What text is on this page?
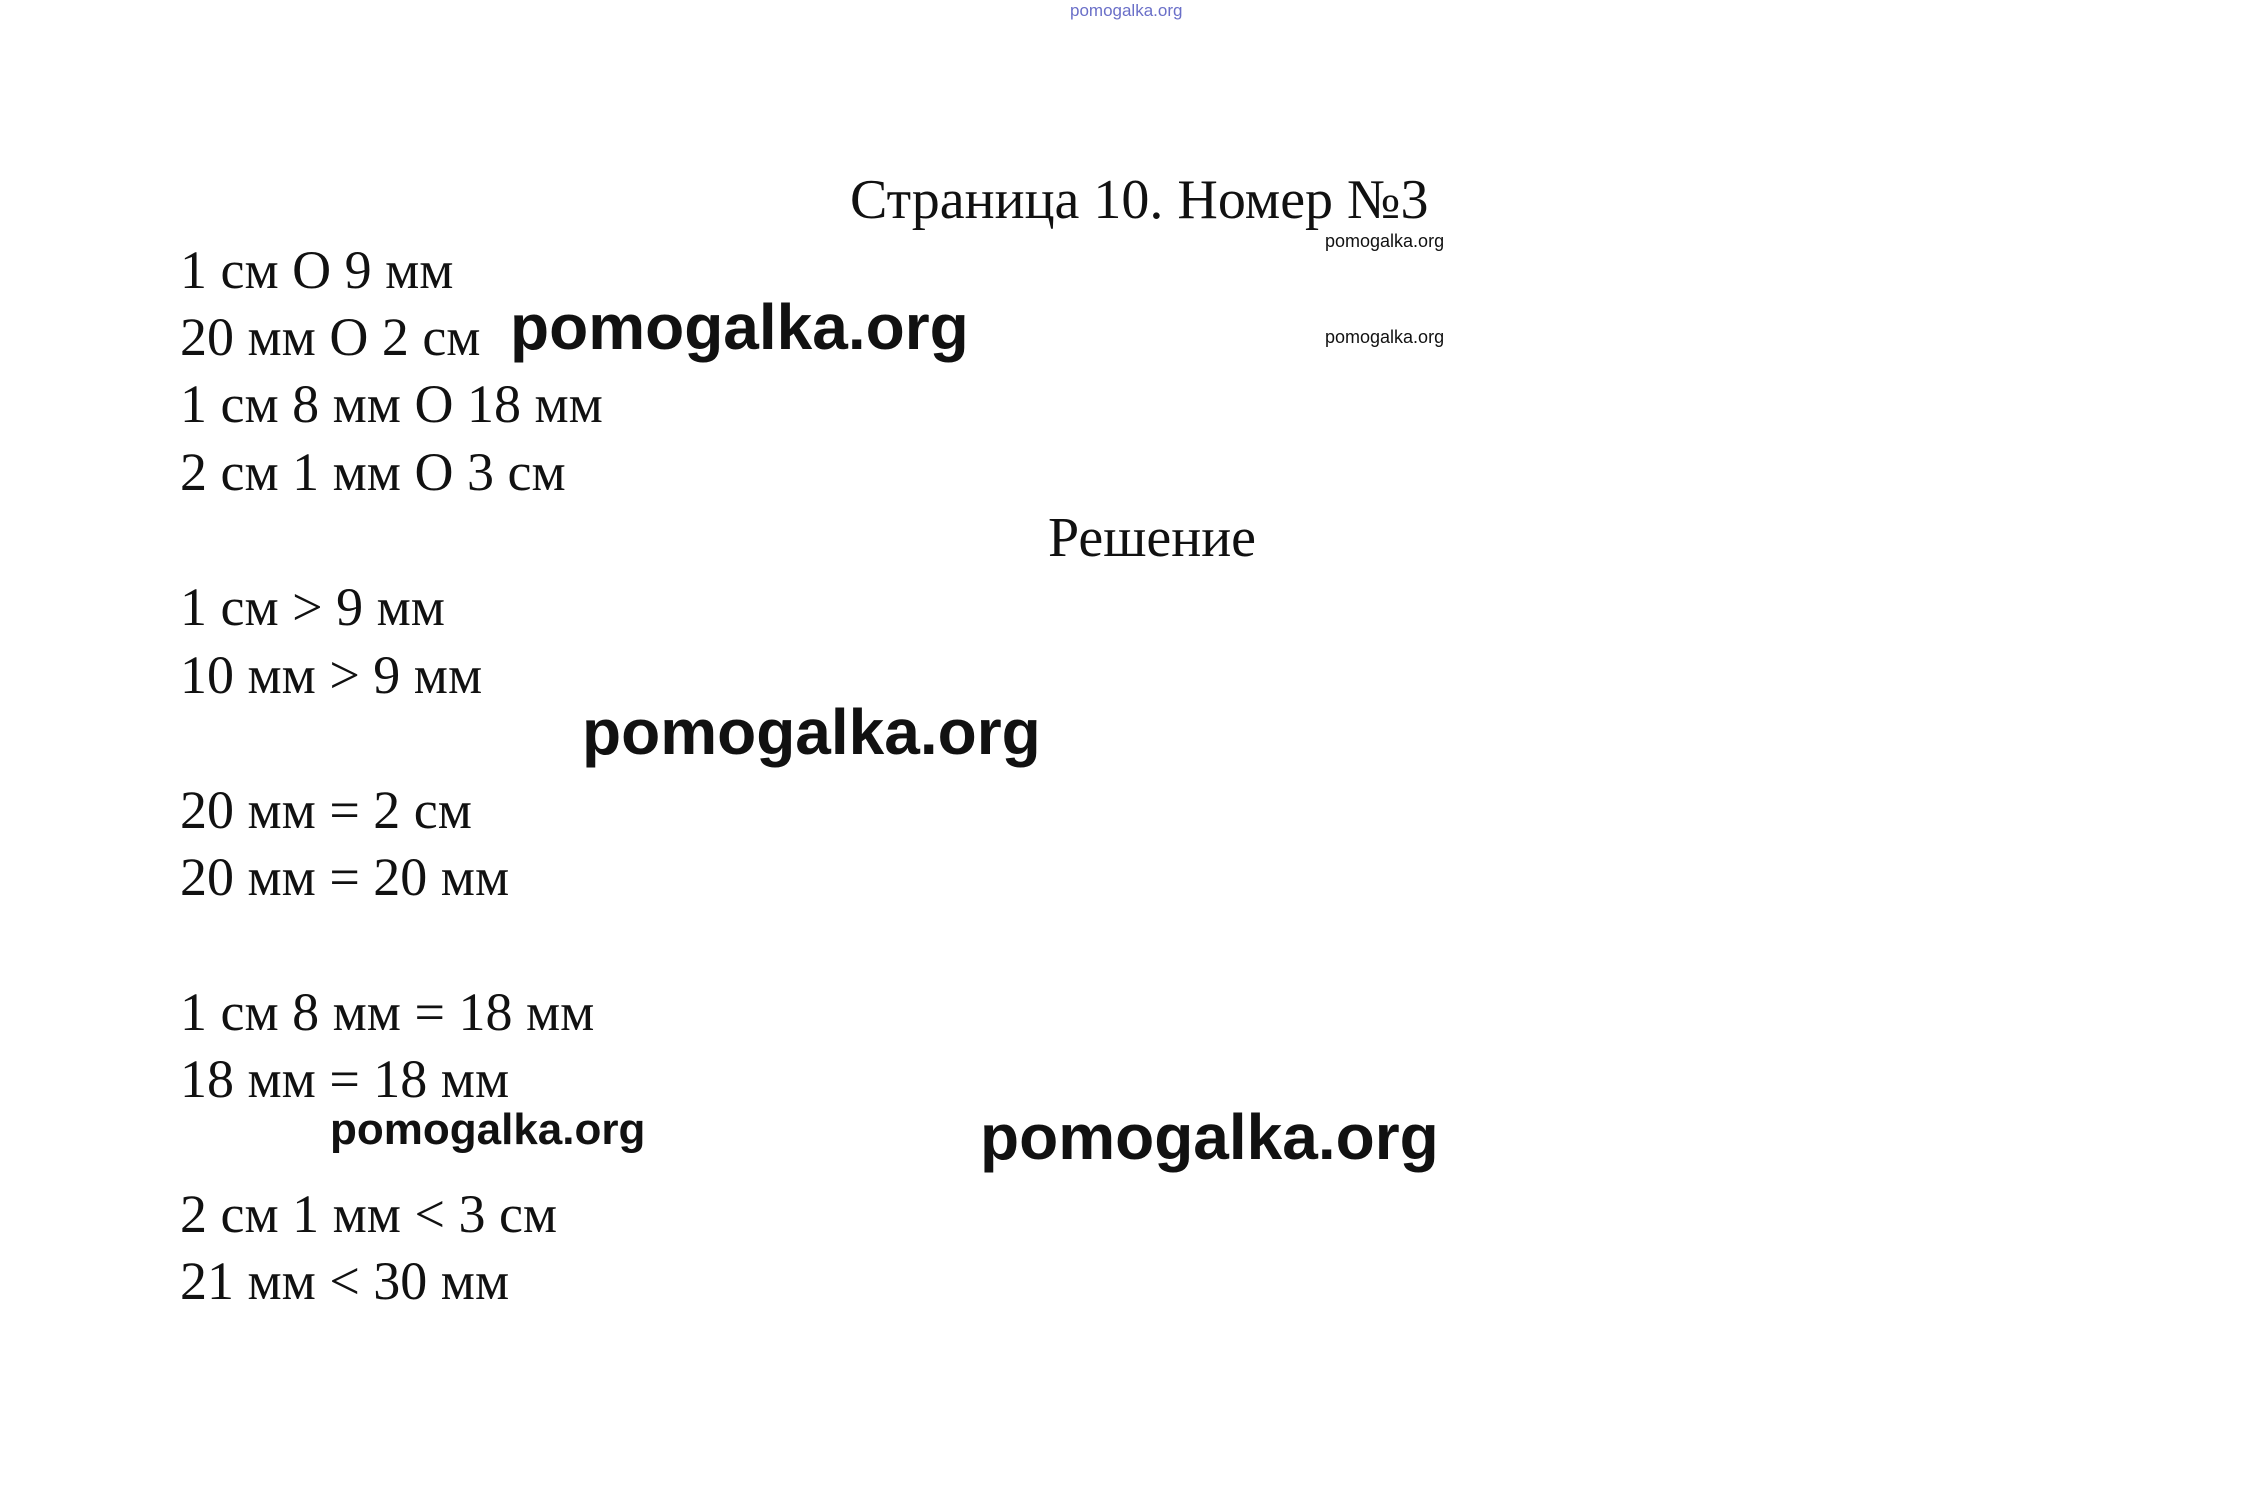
pomogalka.org
Страница 10. Номер №3
pomogalka.org
pomogalka.org
1 см О 9 мм
20 мм О 2 см pomogalka.org
1 см 8 мм О 18 мм
2 см 1 мм О 3 см
Решение
1 см > 9 мм
10 мм > 9 мм
pomogalka.org
20 мм = 2 см
20 мм = 20 мм
1 см 8 мм = 18 мм
18 мм = 18 мм
pomogalka.org	pomogalka.org
2 см 1 мм < 3 см
21 мм < 30 мм
